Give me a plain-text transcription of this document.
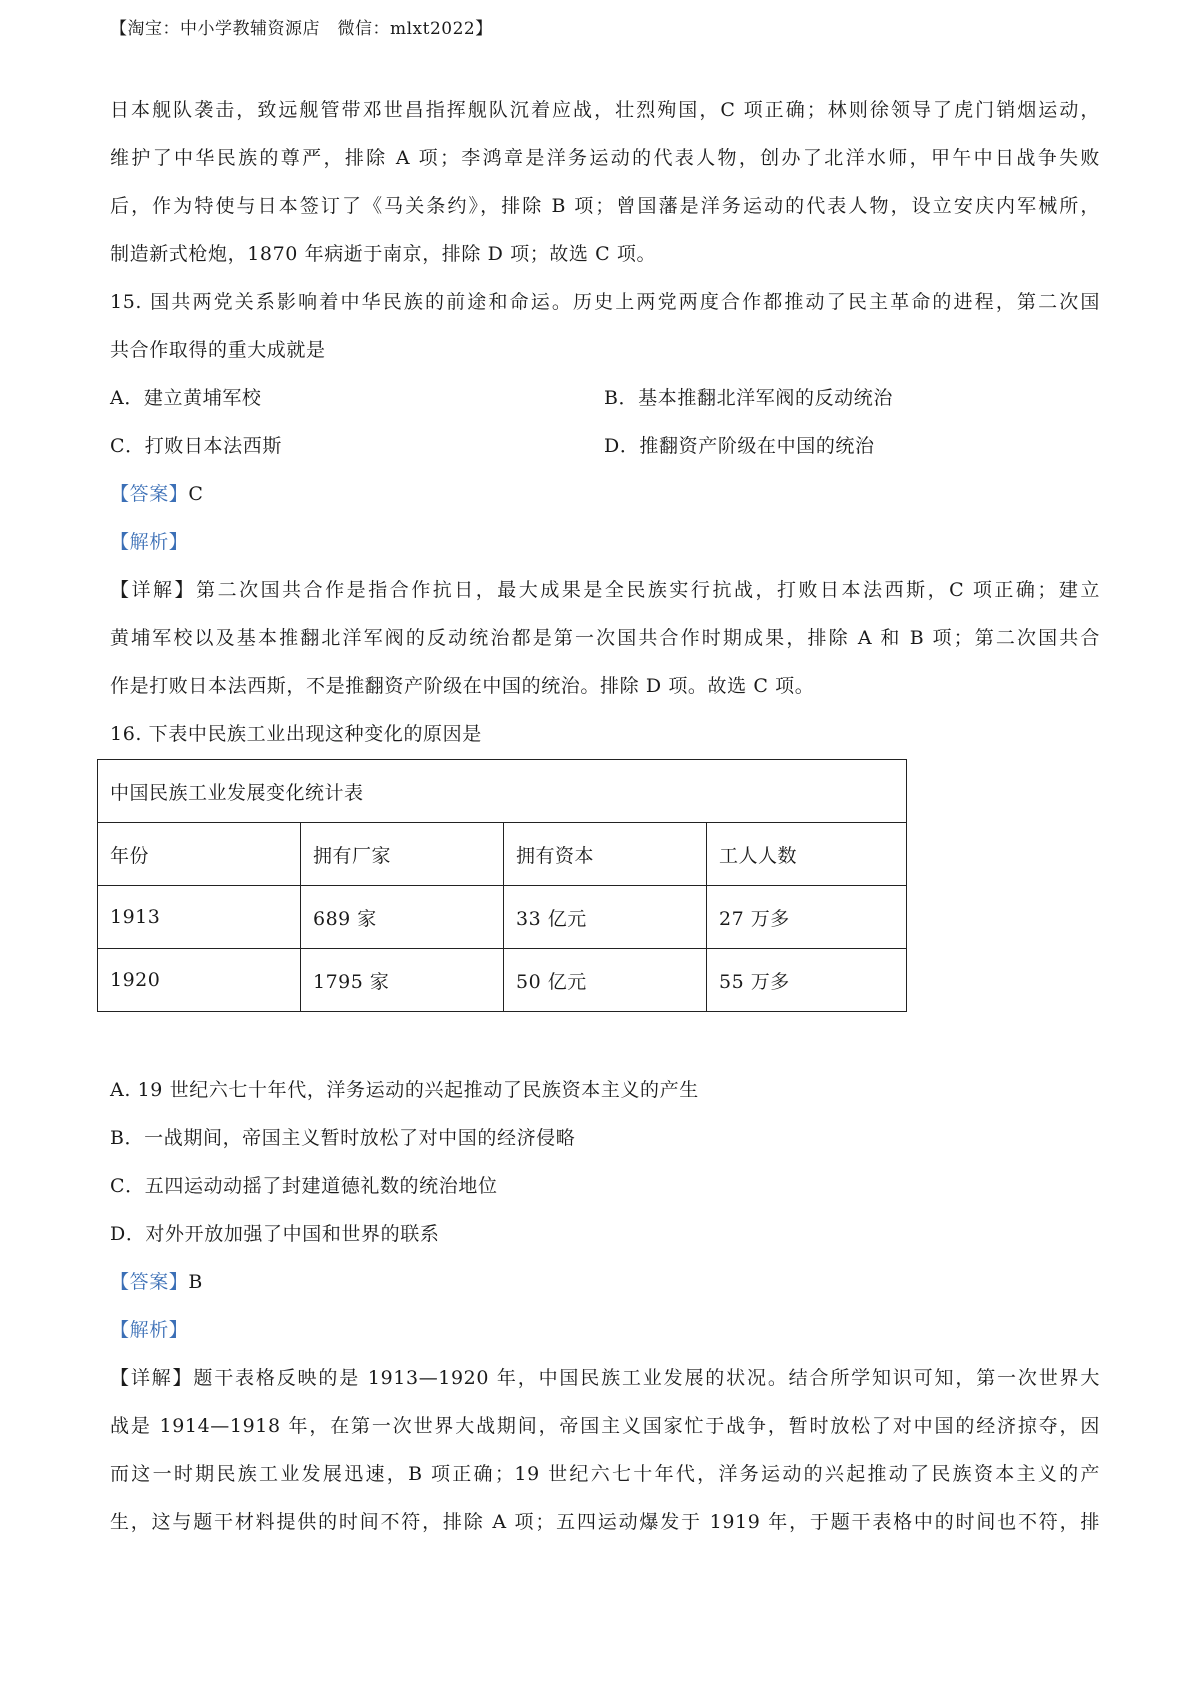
【淘宝：中小学教辅资源店　微信：mlxt2022】
日本舰队袭击，致远舰管带邓世昌指挥舰队沉着应战，壮烈殉国，C 项正确；林则徐领导了虎门销烟运动，
维护了中华民族的尊严，排除 A 项；李鸿章是洋务运动的代表人物，创办了北洋水师，甲午中日战争失败
后，作为特使与日本签订了《马关条约》，排除 B 项；曾国藩是洋务运动的代表人物，设立安庆内军械所，
制造新式枪炮，1870 年病逝于南京，排除 D 项；故选 C 项。
15. 国共两党关系影响着中华民族的前途和命运。历史上两党两度合作都推动了民主革命的进程，第二次国
共合作取得的重大成就是
A．建立黄埔军校	B．基本推翻北洋军阀的反动统治
C．打败日本法西斯	D．推翻资产阶级在中国的统治
【答案】C
【解析】
【详解】第二次国共合作是指合作抗日，最大成果是全民族实行抗战，打败日本法西斯，C 项正确；建立
黄埔军校以及基本推翻北洋军阀的反动统治都是第一次国共合作时期成果，排除 A 和 B 项；第二次国共合
作是打败日本法西斯，不是推翻资产阶级在中国的统治。排除 D 项。故选 C 项。
16. 下表中民族工业出现这种变化的原因是
中国民族工业发展变化统计表			
年份	拥有厂家	拥有资本	工人人数
1913	689 家	33 亿元	27 万多
1920	1795 家	50 亿元	55 万多
A. 19 世纪六七十年代，洋务运动的兴起推动了民族资本主义的产生
B．一战期间，帝国主义暂时放松了对中国的经济侵略
C．五四运动动摇了封建道德礼数的统治地位
D．对外开放加强了中国和世界的联系
【答案】B
【解析】
【详解】题干表格反映的是 1913—1920 年，中国民族工业发展的状况。结合所学知识可知，第一次世界大
战是 1914—1918 年，在第一次世界大战期间，帝国主义国家忙于战争，暂时放松了对中国的经济掠夺，因
而这一时期民族工业发展迅速，B 项正确；19 世纪六七十年代，洋务运动的兴起推动了民族资本主义的产
生，这与题干材料提供的时间不符，排除 A 项；五四运动爆发于 1919 年，于题干表格中的时间也不符，排
